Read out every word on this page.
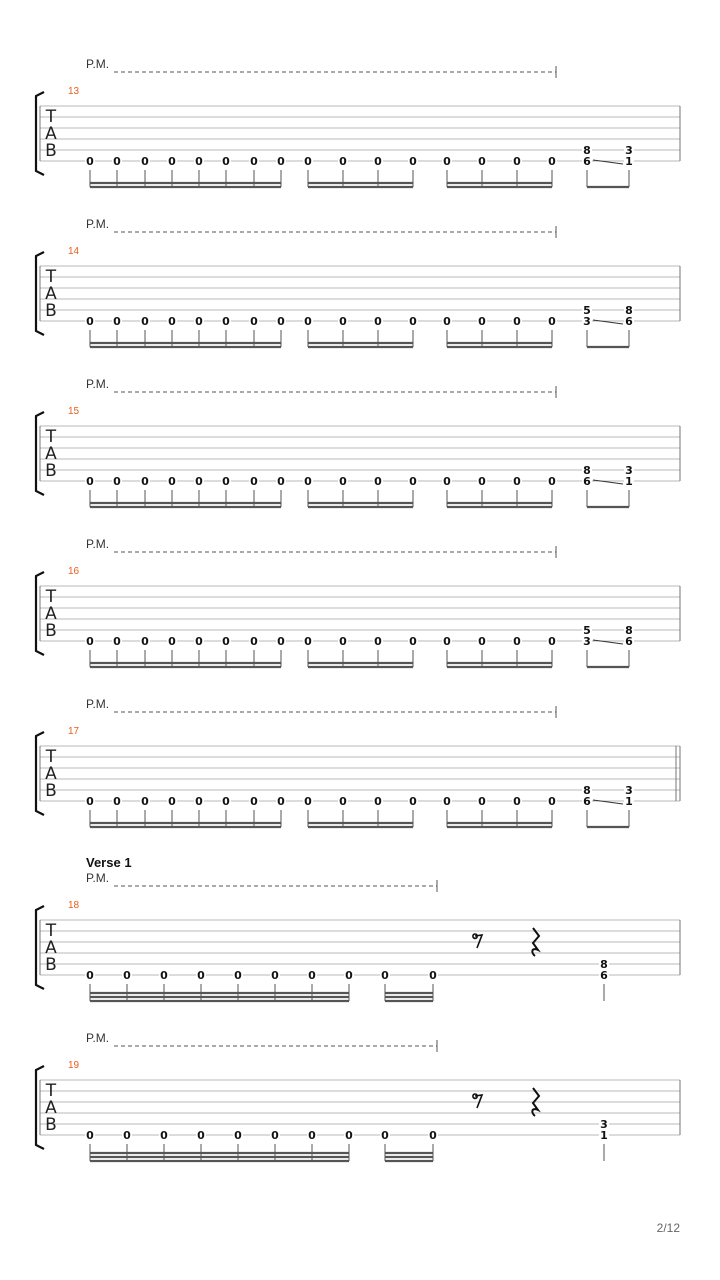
P.M.
13
T
A
B
0 0 0 0 0 0 0 0 0 0 0 0 0 0 0 0
8
6
3
1
P.M.
14
T
A
B
0 0 0 0 0 0 0 0 0 0 0 0 0 0 0 0
5
3
8
6
P.M.
15
T
A
B
0 0 0 0 0 0 0 0 0 0 0 0 0 0 0 0
8
6
3
1
P.M.
16
T
A
B
0 0 0 0 0 0 0 0 0 0 0 0 0 0 0 0
5
3
8
6
P.M.
17
T
A
B
0 0 0 0 0 0 0 0 0 0 0 0 0 0 0 0
8
6
3
1
Verse 1
P.M.
18
T
A
B
0	0	0	0	0	0	0	0	0	0
8
6
P.M.
19
T
A
B
0	0	0	0	0	0	0	0	0	0
3
1
2/12
